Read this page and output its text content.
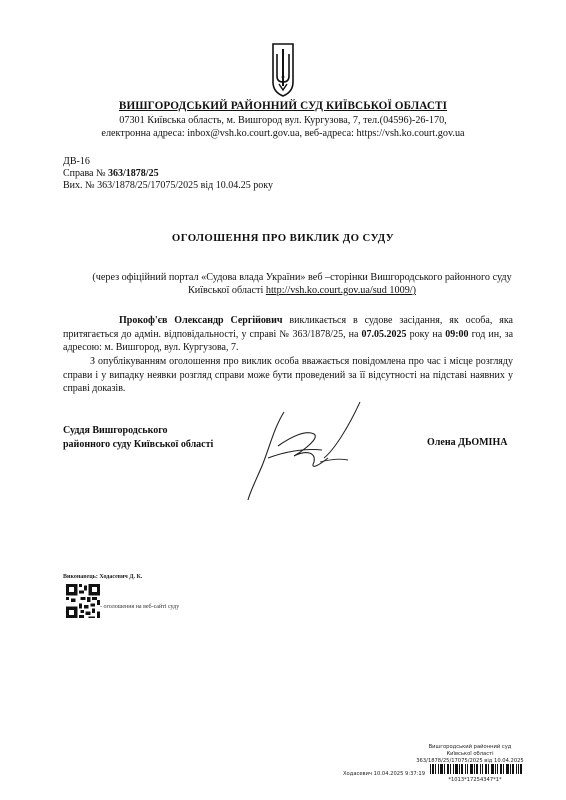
ВИШГОРОДСЬКИЙ РАЙОННИЙ СУД КИЇВСЬКОЇ ОБЛАСТІ
07301 Київська область, м. Вишгород вул. Кургузова, 7, тел.(04596)-26-170,
електронна адреса: inbox@vsh.ko.court.gov.ua, веб-адреса: https://vsh.ko.court.gov.ua
ДВ-16
Справа № 363/1878/25
Вих. № 363/1878/25/17075/2025 від 10.04.25 року
ОГОЛОШЕННЯ ПРО ВИКЛИК ДО СУДУ
(через офіційний портал «Судова влада України» веб –сторінки Вишгородського районного суду Київської області http://vsh.ko.court.gov.ua/sud 1009/)
Прокоф'єв Олександр Сергійович викликається в судове засідання, як особа, яка притягається до адмін. відповідальності, у справі № 363/1878/25, на 07.05.2025 року на 09:00 год ин, за адресою: м. Вишгород, вул. Кургузова, 7.
З опублікуванням оголошення про виклик особа вважається повідомлена про час і місце розгляду справи і у випадку неявки розгляд справи може бути проведений за її відсутності на підставі наявних у справі доказів.
Суддя Вишгородського
районного суду Київської області	Олена ДЬОМІНА
Виконавець: Ходасевич Д. К.
- оголошення на веб-сайті суду
Вишгородський районний суд
Київської області
363/1878/25/17075/2025 від 10.04.2025
Ходасевич 10.04.2025 9:37:19
*1013*17254347*1*
